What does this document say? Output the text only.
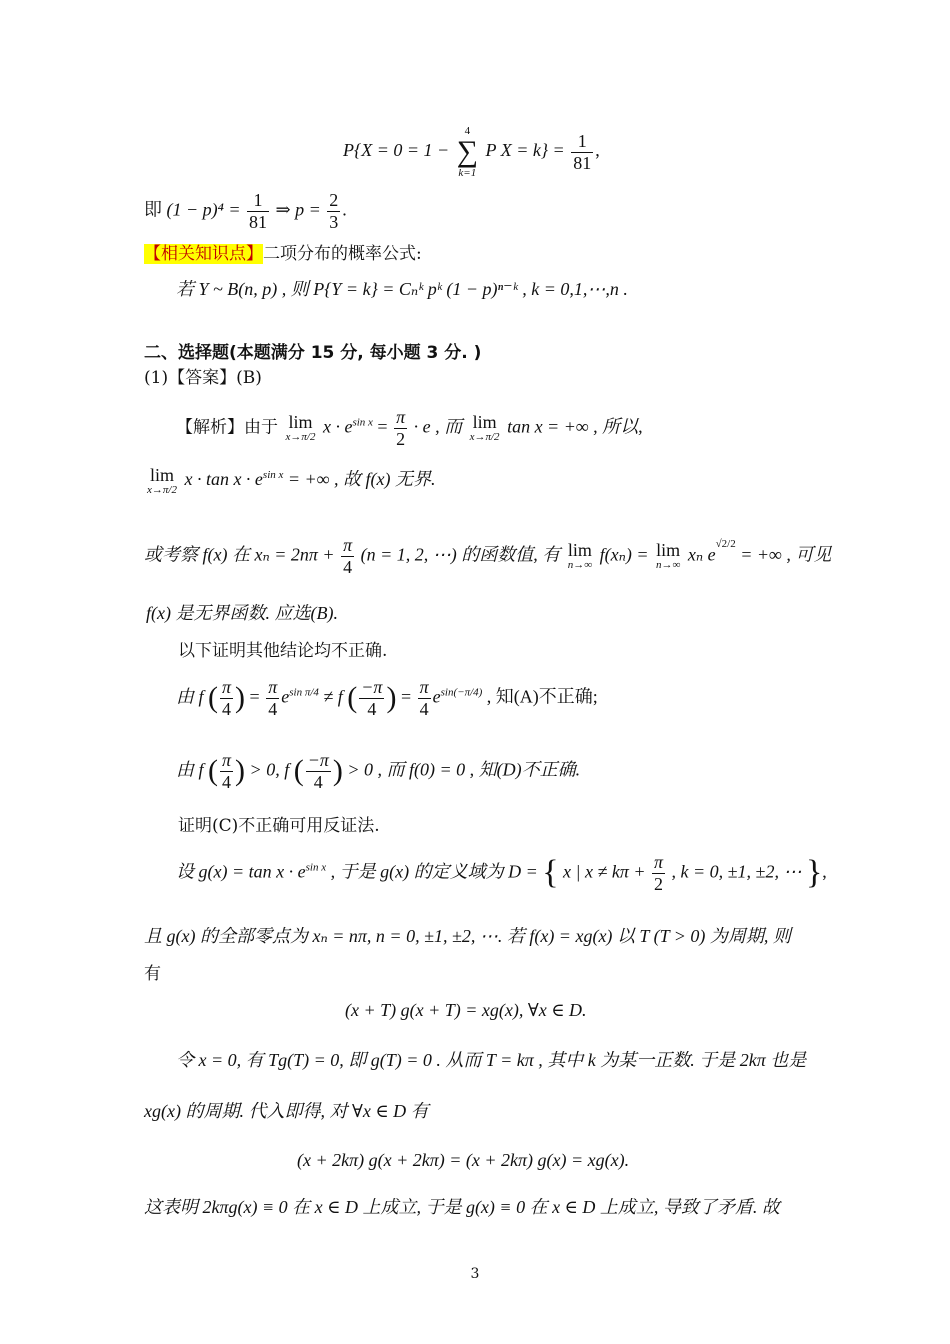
P{X = 0 = 1 −
4
∑
k=1
P $X = k\} = \frac{1}{81}$ ,
即 $(1 - p)^4 = \frac{1}{81}$ ⇒ $p = \frac{2}{3}$ .
【相关知识点】二项分布的概率公式:
若 Y ~ B(n, p) , 则 P{Y = k} = Cₙᵏ pᵏ (1 − p)ⁿ⁻ᵏ , k = 0,1,⋯,n .
二、选择题(本题满分 15 分, 每小题 3 分. )
(1)【答案】(B)
【解析】由于 lim
x→π/2
$x \cdot e^{sin x} = \frac{\pi}{2} \cdot e$ , 而 lim
x→π/2
tan x = +∞ , 所以,
lim
x→π/2
$x \cdot \tan x \cdot e^{sin x}$ = +∞ , 故 f(x) 无界.
或考察 f(x) 在 $x_n = 2n\pi + \frac{\pi}{4} (n = 1$, 2, ⋯) 的函数值, 有 lim
n→∞
f(xₙ) = lim
n→∞
xₙ $e^{√2/2}$ = +∞ , 可见
f(x) 是无界函数. 应选(B).
以下证明其他结论均不正确.
由 f ( $\frac{\pi}{4}$ ) = $\frac{\pi}{4} e^{sin \pi/4} \ne f$ ( $\frac{-\pi}{4}$ ) = $\frac{\pi}{4} e^{sin(-\pi/4)}$ , 知(A)不正确;
由 f ( $\frac{\pi}{4}$ ) > 0, f ( $\frac{-\pi}{4}$ ) > 0 , 而 f(0) = 0 , 知(D)不正确.
证明(C)不正确可用反证法.
设 $g(x) = \tan x \cdot e^{sin x}$ , 于是 g(x) 的定义域为 D = { x | $x \ne k\pi + \frac{\pi}{2}$ , k = 0, ±1, ±2, ⋯ },
且 g(x) 的全部零点为 xₙ = nπ, n = 0, ±1, ±2, ⋯. 若 f(x) = xg(x) 以 T (T > 0) 为周期, 则
有
(x + T) g(x + T) = xg(x), ∀x ∈ D.
令 x = 0, 有 Tg(T) = 0, 即 g(T) = 0 . 从而 T = kπ , 其中 k 为某一正数. 于是 2kπ 也是
xg(x) 的周期. 代入即得, 对 ∀x ∈ D 有
(x + 2kπ) g(x + 2kπ) = (x + 2kπ) g(x) = xg(x).
这表明 2kπg(x) ≡ 0 在 x ∈ D 上成立, 于是 g(x) ≡ 0 在 x ∈ D 上成立, 导致了矛盾. 故
3
